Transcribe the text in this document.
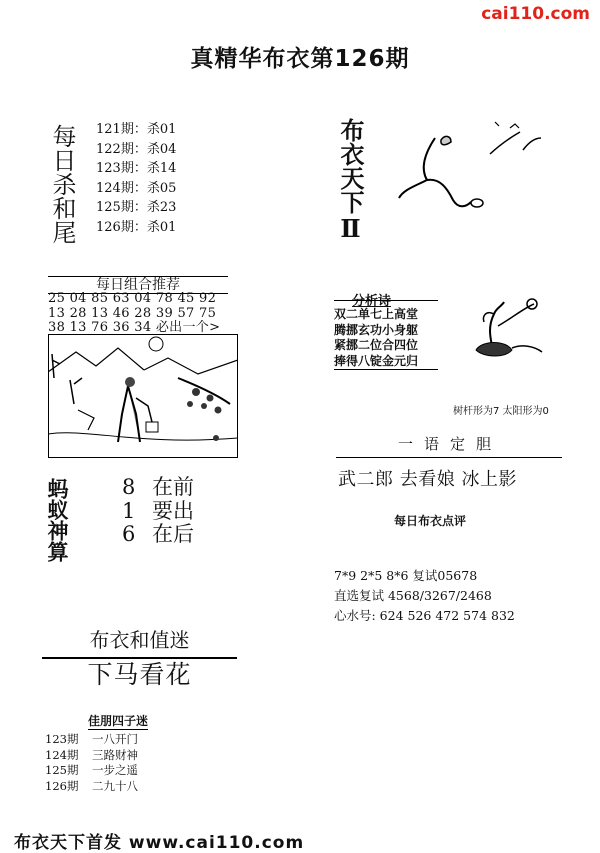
cai110.com
真精华布衣第126期
每日杀和尾 121期：杀01
122期：杀04
123期：杀14
124期：杀05
125期：杀23
126期：杀01	布衣天下Ⅱ
每日组合推荐
25 04 85 63 04 78 45 92
13 28 13 46 28 39 57 75
38 13 76 36 34 必出一个>
蚂蚁神算 8 在前
1 要出
6 在后
布衣和值迷
下马看花
佳朋四子迷
123期 一八开门
124期 三路财神
125期 一步之遥
126期 二九十八
分析诗
双二单七上高堂
腾挪玄功小身躯
紧挪二位合四位
捧得八锭金元归
树杆形为7 太阳形为0
一语定胆
武二郎 去看娘 冰上影
每日布衣点评
7*9 2*5 8*6 复试05678
直选复试 4568/3267/2468
心水号: 624 526 472 574 832
布衣天下首发 www.cai110.com
